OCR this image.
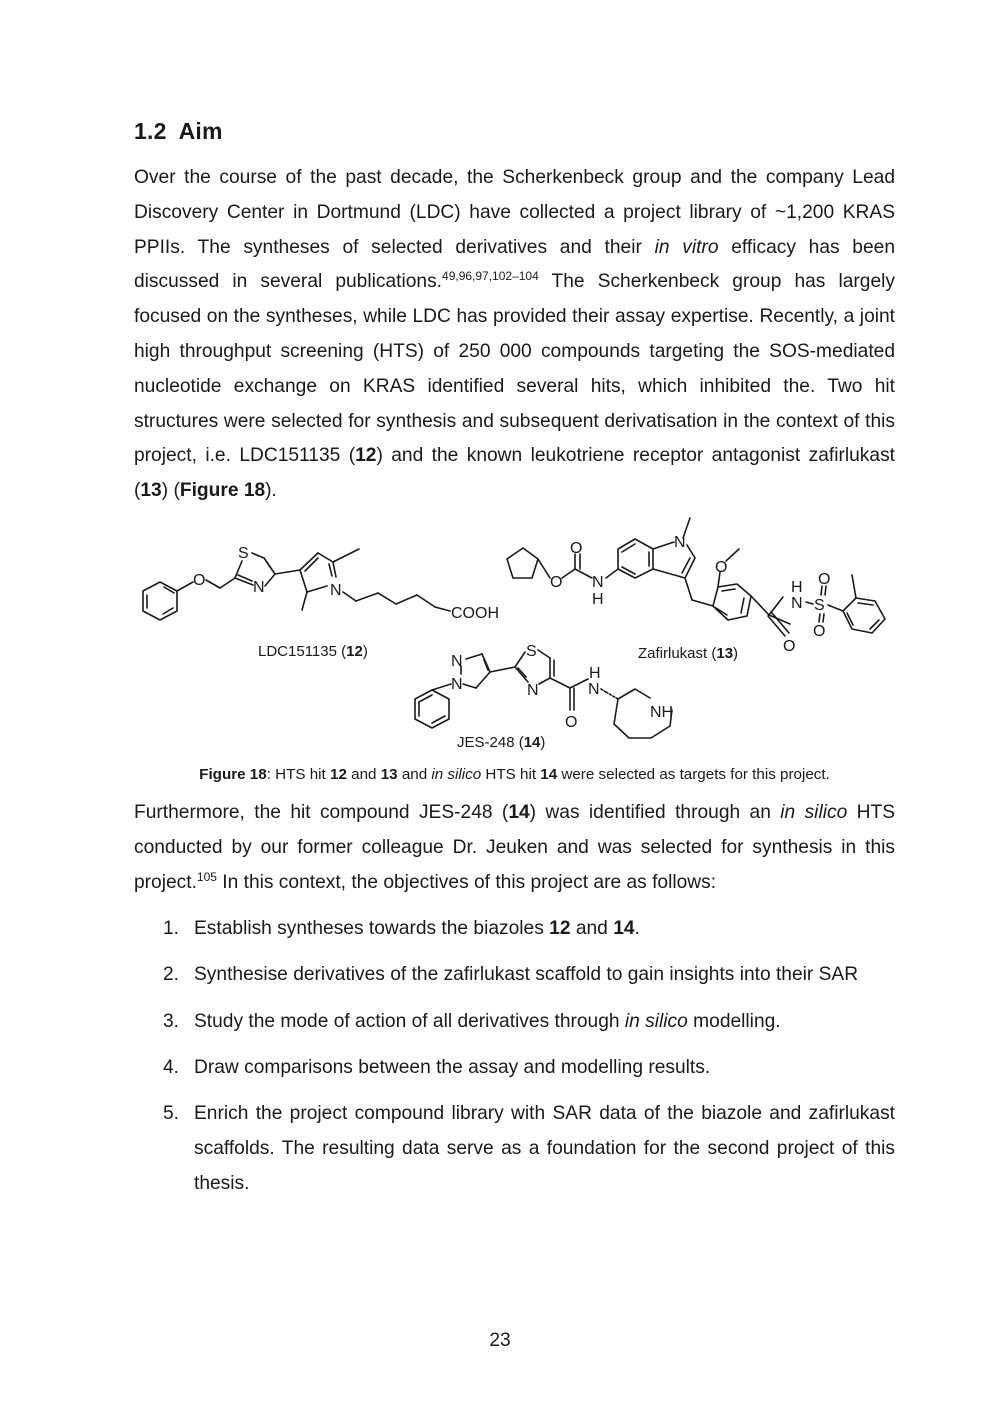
1.2 Aim

Over the course of the past decade, the Scherkenbeck group and the company Lead Discovery Center in Dortmund (LDC) have collected a project library of ~1,200 KRAS PPIIs. The syntheses of selected derivatives and their in vitro efficacy has been discussed in several publications.$^{49,96,97,102-104}$ The Scherkenbeck group has largely focused on the syntheses, while LDC has provided their assay expertise. Recently, a joint high throughput screening (HTS) of 250 000 compounds targeting the SOS-mediated nucleotide exchange on KRAS identified several hits, which inhibited the. Two hit structures were selected for synthesis and subsequent derivatisation in the context of this project, i.e. LDC151135 (12) and the known leukotriene receptor antagonist zafirlukast (13) (Figure 18).

O
S
N	N
COOH
O
O N
H
N
O
O
N
H
S
O
O
N
N
S
N
O
N
H
NH
LDC151135 (12)	Zafirlukast (13)
JES-248 (14)

Figure 18: HTS hit 12 and 13 and in silico HTS hit 14 were selected as targets for this project.

Furthermore, the hit compound JES-248 (14) was identified through an in silico HTS conducted by our former colleague Dr. Jeuken and was selected for synthesis in this project.$^{105}$ In this context, the objectives of this project are as follows:

1. Establish syntheses towards the biazoles 12 and 14.
2. Synthesise derivatives of the zafirlukast scaffold to gain insights into their SAR
3. Study the mode of action of all derivatives through in silico modelling.
4. Draw comparisons between the assay and modelling results.
5. Enrich the project compound library with SAR data of the biazole and zafirlukast scaffolds. The resulting data serve as a foundation for the second project of this thesis.
23
